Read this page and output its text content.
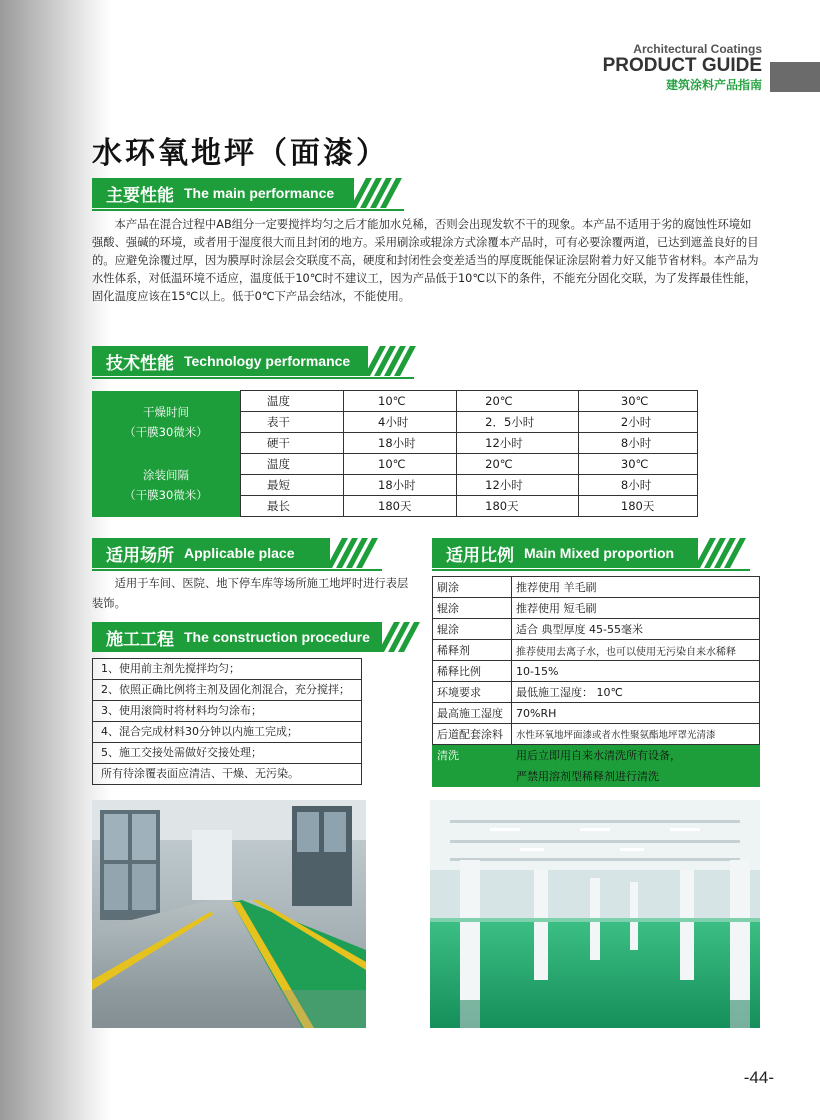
Architectural Coatings
PRODUCT GUIDE
建筑涂料产品指南
水环氧地坪（面漆）
主要性能 The main performance
本产品在混合过程中AB组分一定要搅拌均匀之后才能加水兑稀，否则会出现发软不干的现象。本产品不适用于劣的腐蚀性环境如强酸、强碱的环境，或者用于湿度很大而且封闭的地方。采用刷涂或辊涂方式涂覆本产品时，可有必要涂覆两道，已达到遮盖良好的目的。应避免涂覆过厚，因为膜厚时涂层会交联度不高，硬度和封闭性会变差适当的厚度既能保证涂层附着力好又能节省材料。本产品为水性体系，对低温环境不适应，温度低于10℃时不建议工，因为产品低于10℃以下的条件，不能充分固化交联，为了发挥最佳性能，固化温度应该在15℃以上。低于0℃下产品会结冰，不能使用。
技术性能 Technology performance
干燥时间
（干膜30微米）	温度	10℃	20℃	30℃
	表干	4小时	2．5小时	2小时
	硬干	18小时	12小时	8小时
涂装间隔
（干膜30微米）	温度	10℃	20℃	30℃
	最短	18小时	12小时	8小时
	最长	180天	180天	180天
适用场所 Applicable place
适用于车间、医院、地下停车库等场所施工地坪时进行表层装饰。
施工工程 The construction procedure
1、使用前主剂先搅拌均匀；
2、依照正确比例将主剂及固化剂混合，充分搅拌；
3、使用滚筒时将材料均匀涂布；
4、混合完成材料30分钟以内施工完成；
5、施工交接处需做好交接处理；
所有待涂覆表面应清洁、干燥、无污染。
适用比例 Main Mixed proportion
刷涂	推荐使用 羊毛刷
辊涂	推荐使用 短毛刷
辊涂	适合 典型厚度 45-55毫米
稀释剂	推荐使用去离子水，也可以使用无污染自来水稀释
稀释比例	10-15%
环境要求	最低施工湿度： 10℃
最高施工湿度	70%RH
后道配套涂料	水性环氧地坪面漆或者水性聚氨酯地坪罩光清漆
清洗	用后立即用自来水清洗所有设备，
	严禁用溶剂型稀释剂进行清洗
-44-
